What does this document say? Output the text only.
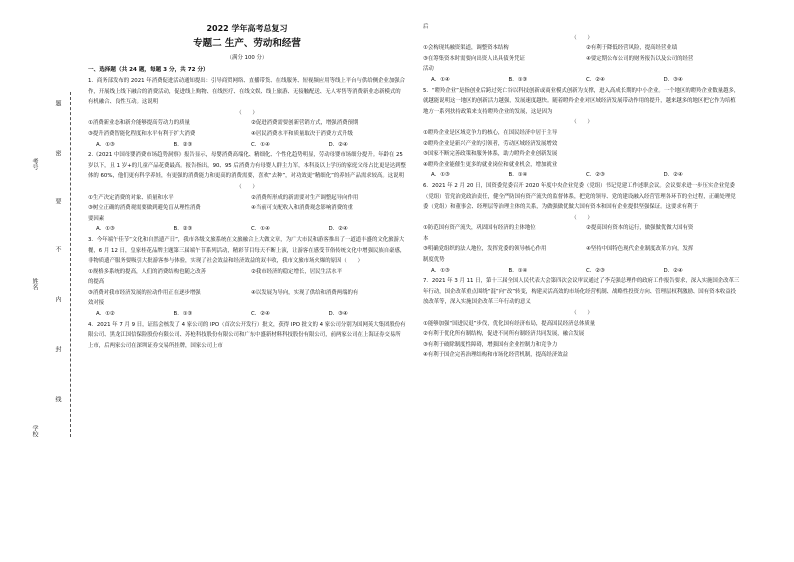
学校
姓名
考号
题
密
要
不
内
封
线
2022 学年高考总复习
专题二 生产、劳动和经营
（满分 100 分）
一、选择题（共 24 题，每题 3 分，共 72 分）

1．商务部发布的 2021 年消费促进活动通知提出：引导商贸网络、直播带货、在线服务、短视频应用等线上平台与供给侧企业加强合作，开展线上线下融合的消费活动，促进线上购物、在线医疗、在线文娱、线上旅游、无接触配送、无人零售等消费新业态新模式的有机融合、良性互动。这说明

（　　）

①消费新业态和新介能够提高劳动力的质量	②促进消费需要创新营销方式，增强消费预期
③提升消费智能化程度和水平有利于扩大消费	④居民消费水平和质量取决于消费方式升级
A．①③	B．②③	C．①④	D．②④

2.《2021 中国母婴消费市场趋势洞察》报告显示，母婴消费高端化、精细化、个性化趋势明显，劳动母婴市场细分提升。年龄在 25 岁以下，且 1 岁+的儿童产品花费最高。报告指出，90、95 后消费力有母婴人群主力军，本科及以上学历的家庭父母占比更是达到整体的 60%，他们更有科学养娃，有更强的消费能力和更高的消费需要，喜欢“去种”，对功效更“精细化”的养娃产品需求较高。这说明

（　　）

①生产决定消费的对象、质量和水平	②消费所形成的新需要对生产调整起导向作用
③树立正确的消费观需要做到避免盲从理性消费	④当前可支配收入和消费观念影响消费的重

要因素

A．①③	B．②③	C．①④	D．②④

3．今年端午佳节“文化和自然遗产日”，我市各级文旅系统在文旅融合上大做文章，为广大市民和游客推出了一道道丰盛的文化旅游大餐，6 月 12 日，皇家桂花品牌主题第三届端午节系列活动，精彩节目每天不断上演，让游客在感受节俗传统文化中增强民族自豪感，非物质遗产服务要吸引大批游客参与体验，实现了社会效益和经济效益的双丰收，我市文旅市场火爆的原因（　　）

①规格多系统的提高，人们的消费结构也随之改善	②我市经济的稳定增长，居民生活水平

的提高

③消费对我市经济发展的拉动作用正在逐步增强	④以发展为导向，实现了供给和消费两端的有

效对接

A．①②	B．①③	C．②④	D．③④

4．2021 年 7 月 9 日，证监会核发了 4 家公司的 IPO（首次公开发行）批文，获得 IPO 批文的 4 家公司分别为国网英大集团股份有限公司、黑龙江国信保险股份有限公司、苏枪科技股份有限公司和广东中盛新材料科技股份有限公司，前两家公司在上海证券交易所上市，后两家公司在深圳证券交易所挂牌，国家公司上市

后

（　　）

①会构现其融资渠道，调整资本结构	②有利于降低经营风险，提高经营业绩
③在筹集资本时需要向出资人出具债务凭证	④要定期公布公司的财务报告以及公司的经营

活动

A．①④	B．①③	C．②④	D．③④

5．“瞪羚企业”是指创业后跨过死亡谷以科技创新或商业模式创新为支撑，进入高成长期的中小企业。一个地区的瞪羚企业数量越多，就越能说明这一地区的创新活力越强，发展速度越快。随着瞪羚企业对区域经济发展带动作用的提升，越来越多的地区把它作为培植地方一系列扶持政策来支持瞪羚企业的发展，这是因为

（　　）

①瞪羚企业是区域竞争力的核心，在国民经济中居于主导
②瞪羚企业是新兴产业的引领者，劳动区域经济发展增效
③国家不断完善政策和服务体系，助力瞪羚企业创新发展
④瞪羚企业能催生更多的就业岗位和就业机会，增加就业
A．①③	B．①④	C．②③	D．②④

6．2021 年 2 月 20 日，国资委党委召开 2020 年度中央企业党委（党组）书记党建工作述职会议。会议要求进一步压实企业党委（党组）管党治党政治责任，健全严防国有资产流失的监督体系，把党的领导、党的建设融入经营管理各环节的全过程，正确处理党委（党组）和董事会、经理层等治理主体的关系，为做强做优做大国有资本和国有企业提供坚强保证。这要求有利于

（　　）

①防范国有资产流失，巩固国有经济的主体地位	②提高国有资本的运行，做强做优做大国有资

本

③明确党组织的法人地位，发挥党委的领导核心作用	④坚持中国特色现代企业制度改革方向，发挥

制度优势

A．①③	B．①④	C．②③	D．②④

7．2021 年 3 月 11 日，第十三届全国人民代表大会第四次会议审议通过了李克强总理作的政府工作报告要求，深入实施国企改革三年行动，国企改革重点围绕“混”向“改”转变，构建灵活高效的市场化经营机制、战略性投资方向、管理层权利激励、国有资本收益投放改革等，深入实施国企改革三年行动的意义

（　　）

①能够加强“国进民退”步伐，优化国有经济布局，提高国民经济总体质量
②有利于优化所有制结构，促进不同所有制经济共同发展，融合发展
③有利于破除制度性障碍，增强国有企业控制力和竞争力
④有利于国企完善治理结构和市场化经营机制，提高经济效益
